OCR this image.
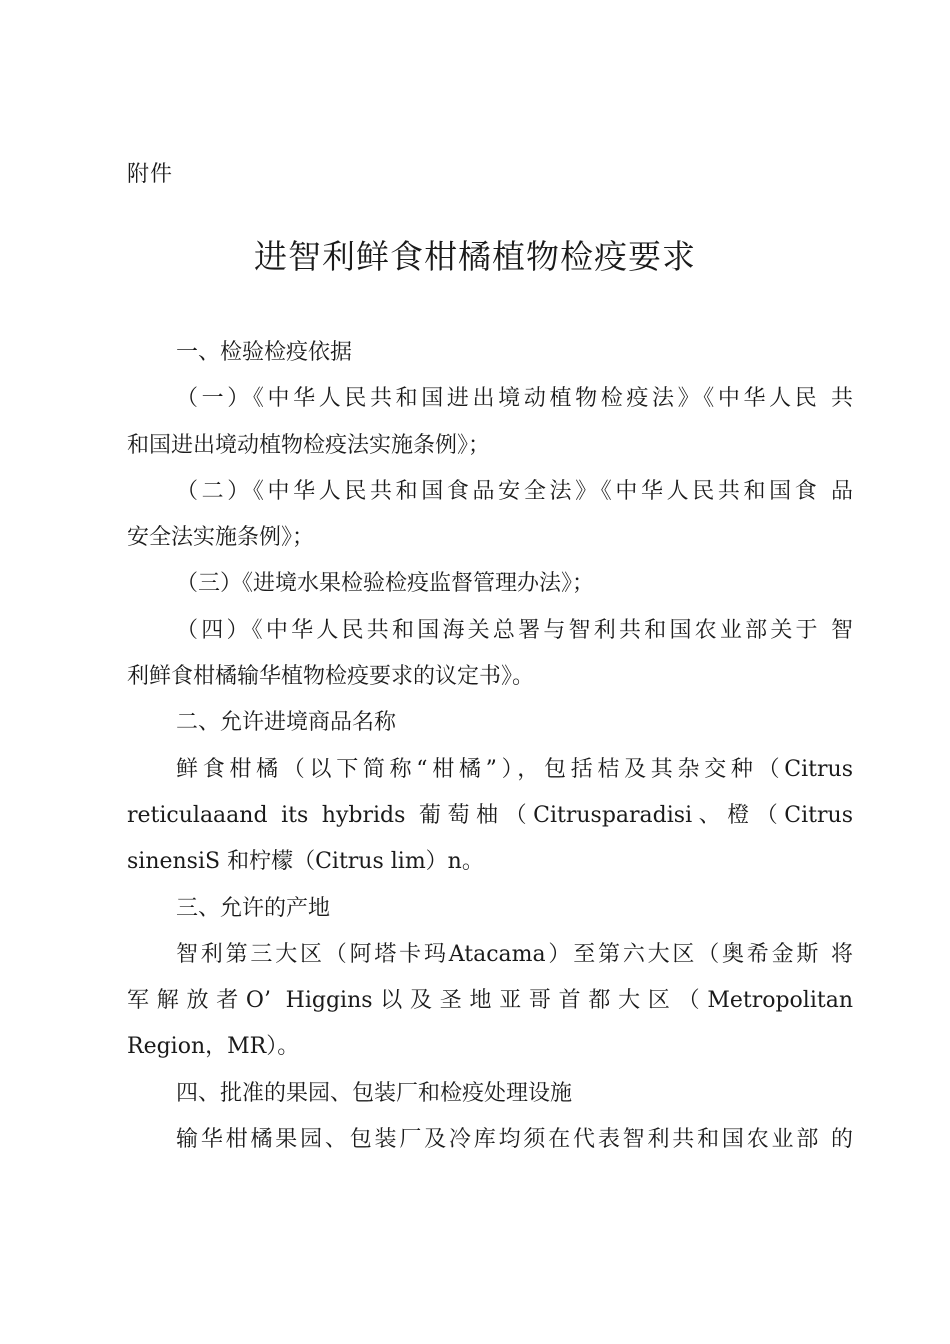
附件
进智利鲜食柑橘植物检疫要求
一、检验检疫依据
（一）《中华人民共和国进出境动植物检疫法》《中华人民 共
和国进出境动植物检疫法实施条例》；
（二）《中华人民共和国食品安全法》《中华人民共和国食 品
安全法实施条例》；
（三）《进境水果检验检疫监督管理办法》；
（四）《中华人民共和国海关总署与智利共和国农业部关于 智
利鲜食柑橘输华植物检疫要求的议定书》。
二、允许进境商品名称
鲜食柑橘（以下简称“柑橘”），包括桔及其杂交种（Citrus
reticulaaand its hybrids 葡萄柚（Citrusparadisi、橙（Citrus
sinensiS 和柠檬（Citrus lim）n。
三、允许的产地
智利第三大区（阿塔卡玛Atacama）至第六大区（奥希金斯 将
军解放者O’ Higgins以及圣地亚哥首都大区（Metropolitan
Region，MR）。
四、批准的果园、包装厂和检疫处理设施
输华柑橘果园、包装厂及冷库均须在代表智利共和国农业部 的
